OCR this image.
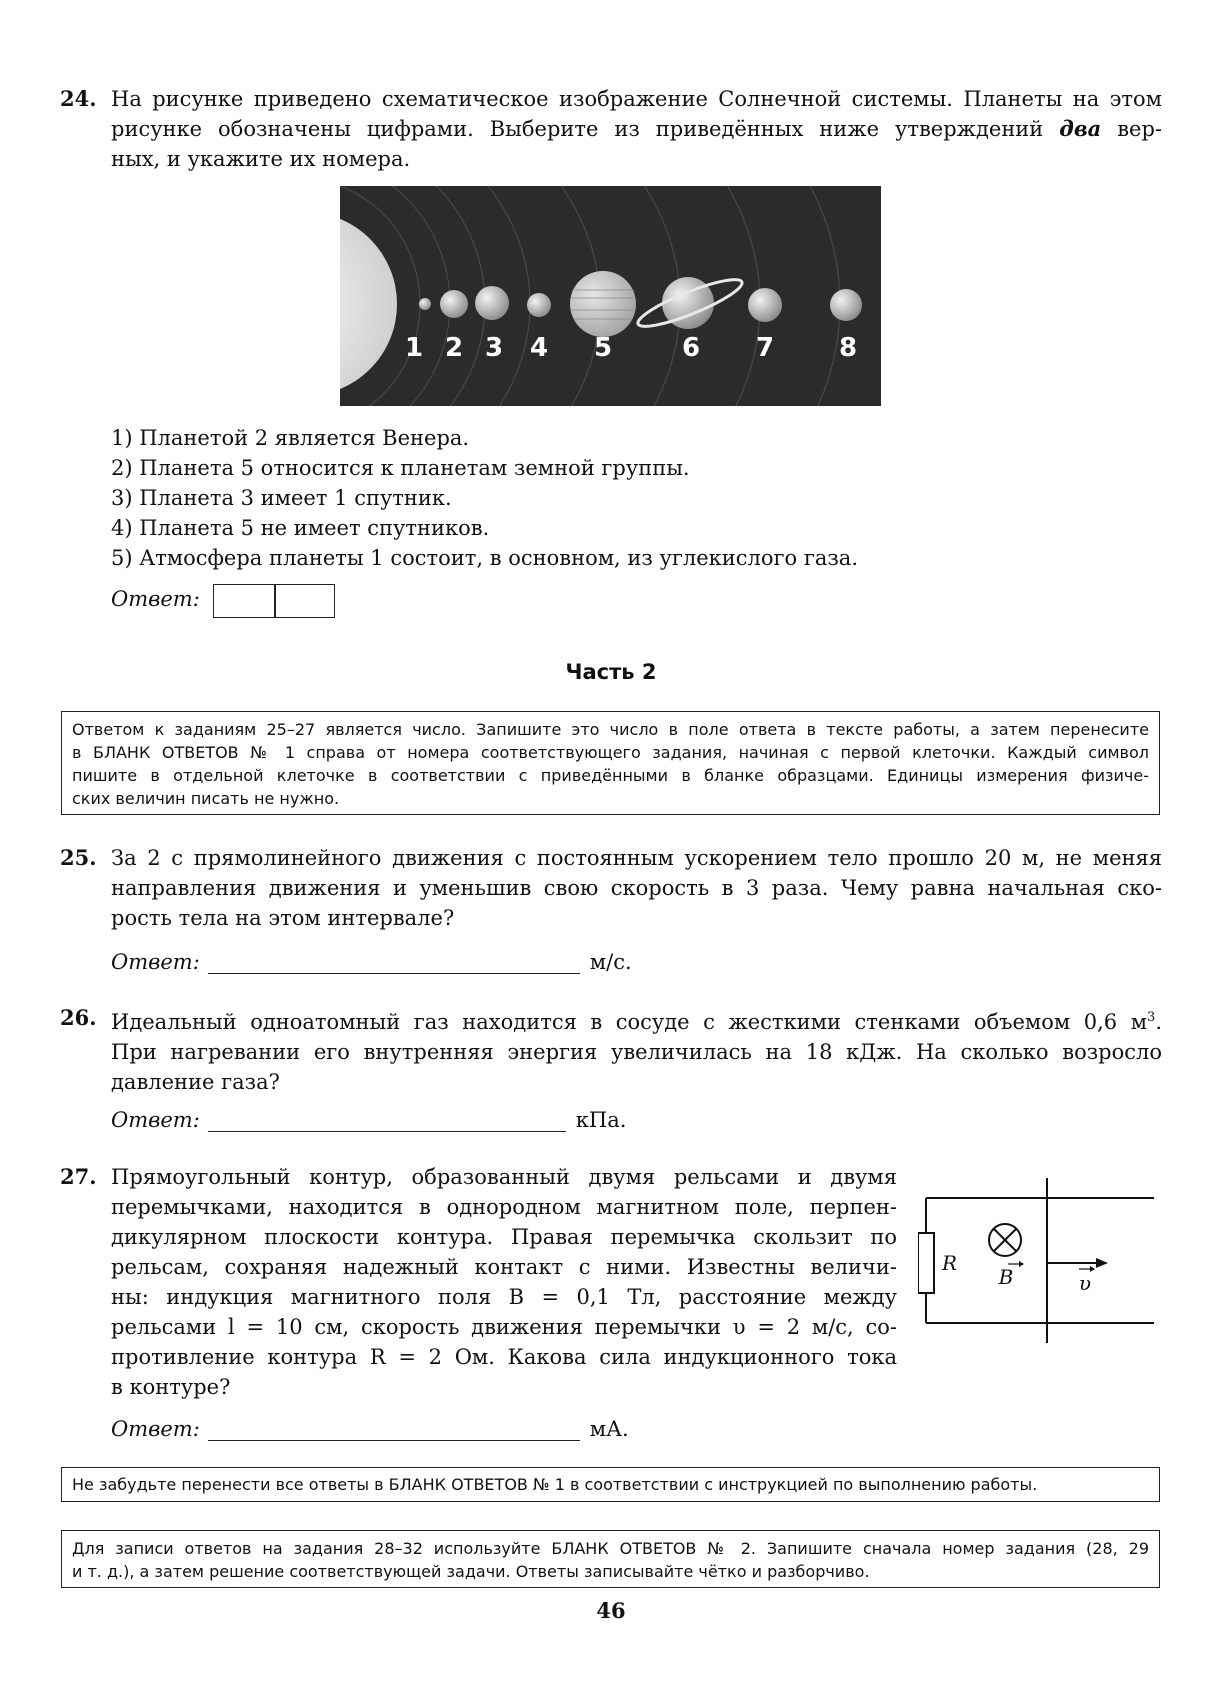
24. На рисунке приведено схематическое изображение Солнечной системы. Планеты на этом
рисунке обозначены цифрами. Выберите из приведённых ниже утверждений два вер-
ных, и укажите их номера.
1 2 3 4 5	6 7 8
1) Планетой 2 является Венера.
2) Планета 5 относится к планетам земной группы.
3) Планета 3 имеет 1 спутник.
4) Планета 5 не имеет спутников.
5) Атмосфера планеты 1 состоит, в основном, из углекислого газа.
Ответ:
Часть 2
Ответом к заданиям 25–27 является число. Запишите это число в поле ответа в тексте работы, а затем перенесите
в БЛАНК ОТВЕТОВ № 1 справа от номера соответствующего задания, начиная с первой клеточки. Каждый символ
пишите в отдельной клеточке в соответствии с приведёнными в бланке образцами. Единицы измерения физиче-
ских величин писать не нужно.
25. За 2 с прямолинейного движения с постоянным ускорением тело прошло 20 м, не меняя
направления движения и уменьшив свою скорость в 3 раза. Чему равна начальная ско-
рость тела на этом интервале?
Ответ:	м/с.
26. Идеальный одноатомный газ находится в сосуде с жесткими стенками объемом 0,6 $м^3$.
При нагревании его внутренняя энергия увеличилась на 18 кДж. На сколько возросло
давление газа?
Ответ:	кПа.
27. Прямоугольный контур, образованный двумя рельсами и двумя
перемычками, находится в однородном магнитном поле, перпен-
дикулярном плоскости контура. Правая перемычка скользит по
рельсам, сохраняя надежный контакт с ними. Известны величи-
ны: индукция магнитного поля B = 0,1 Тл, расстояние между
рельсами l = 10 см, скорость движения перемычки υ = 2 м/с, со-
противление контура R = 2 Ом. Какова сила индукционного тока
в контуре?
R
B	υ
Ответ:	мА.
Не забудьте перенести все ответы в БЛАНК ОТВЕТОВ № 1 в соответствии с инструкцией по выполнению работы.
Для записи ответов на задания 28–32 используйте БЛАНК ОТВЕТОВ № 2. Запишите сначала номер задания (28, 29
и т. д.), а затем решение соответствующей задачи. Ответы записывайте чётко и разборчиво.
46
